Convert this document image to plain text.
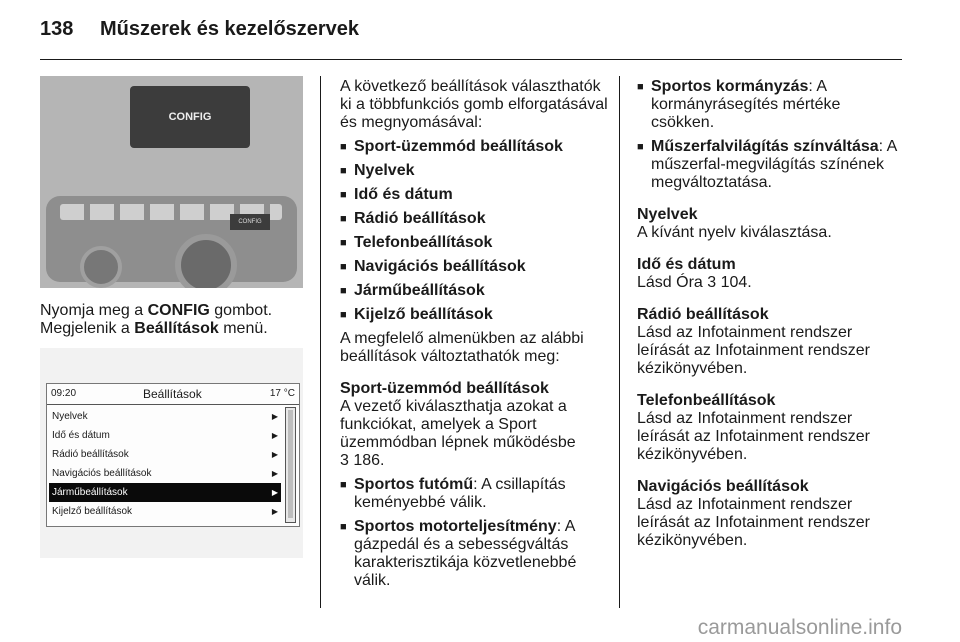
138 Műszerek és kezelőszervek
CONFIG
CONFIG

Nyomja meg a CONFIG gombot.

Megjelenik a Beállítások menü.

09:20	Beállítások	17 °C
Nyelvek	▶
Idő és dátum	▶
Rádió beállítások	▶
Navigációs beállítások	▶
Járműbeállítások	▶
Kijelző beállítások	▶

A következő beállítások választhatók ki a többfunkciós gomb elforgatásával és megnyomásával:

■ Sport-üzemmód beállítások

■ Nyelvek

■ Idő és dátum

■ Rádió beállítások

■ Telefonbeállítások

■ Navigációs beállítások

■ Járműbeállítások

■ Kijelző beállítások

A megfelelő almenükben az alábbi beállítások változtathatók meg:

Sport-üzemmód beállítások

A vezető kiválaszthatja azokat a funkciókat, amelyek a Sport üzemmódban lépnek működésbe

3 186.

■ Sportos futómű: A csillapítás keményebbé válik.

■ Sportos motorteljesítmény: A gázpedál és a sebességváltás karakterisztikája közvetlenebbé válik.

■ Sportos kormányzás: A kormányrásegítés mértéke csökken.

■ Műszerfalvilágítás színváltása: A műszerfal-megvilágítás színének megváltoztatása.

Nyelvek

A kívánt nyelv kiválasztása.

Idő és dátum

Lásd Óra 3 104.

Rádió beállítások

Lásd az Infotainment rendszer leírását az Infotainment rendszer kézikönyvében.

Telefonbeállítások

Lásd az Infotainment rendszer leírását az Infotainment rendszer kézikönyvében.

Navigációs beállítások

Lásd az Infotainment rendszer leírását az Infotainment rendszer kézikönyvében.

carmanualsonline.info
